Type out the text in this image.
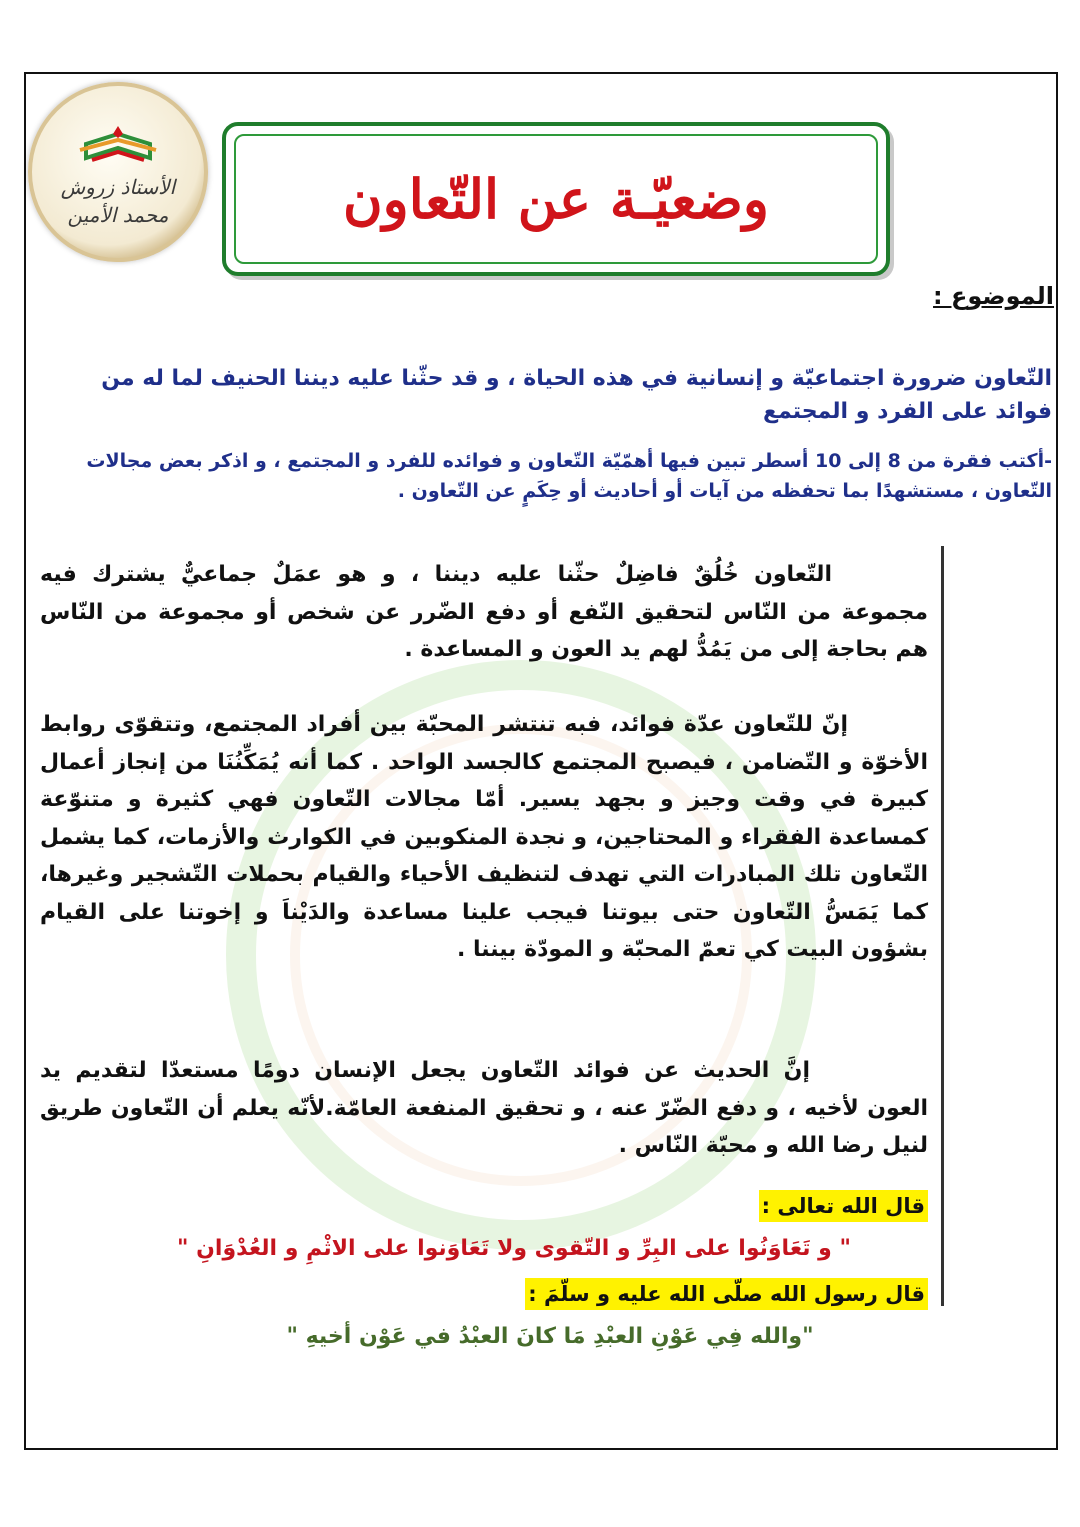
الأستاذ زروش
محمد الأمين	وضعيّـة عن التّعاون
الموضوع :
التّعاون ضرورة اجتماعيّة و إنسانية في هذه الحياة ، و قد حثّنا عليه ديننا الحنيف لما له من فوائد على الفرد و المجتمع
-أكتب فقرة من 8 إلى 10 أسطر تبين فيها أهمّيّة التّعاون و فوائده للفرد و المجتمع ، و اذكر بعض مجالات التّعاون ، مستشهدًا بما تحفظه من آيات أو أحاديث أو حِكَمٍ عن التّعاون .
التّعاون خُلُقٌ فاضِلٌ حثّنا عليه ديننا ، و هو عمَلٌ جماعيٌّ يشترك فيه مجموعة من النّاس لتحقيق النّفع أو دفع الضّرر عن شخص أو مجموعة من النّاس هم بحاجة إلى من يَمُدُّ لهم يد العون و المساعدة .
إنّ للتّعاون عدّة فوائد، فبه تنتشر المحبّة بين أفراد المجتمع، وتتقوّى روابط الأخوّة و التّضامن ، فيصبح المجتمع كالجسد الواحد . كما أنه يُمَكِّنُنَا من إنجاز أعمال كبيرة في وقت وجيز و بجهد يسير. أمّا مجالات التّعاون فهي كثيرة و متنوّعة كمساعدة الفقراء و المحتاجين، و نجدة المنكوبين في الكوارث والأزمات، كما يشمل التّعاون تلك المبادرات التي تهدف لتنظيف الأحياء والقيام بحملات التّشجير وغيرها، كما يَمَسُّ التّعاون حتى بيوتنا فيجب علينا مساعدة والدَيْناَ و إخوتنا على القيام بشؤون البيت كي تعمّ المحبّة و المودّة بيننا .
إنَّ الحديث عن فوائد التّعاون يجعل الإنسان دومًا مستعدّا لتقديم يد العون لأخيه ، و دفع الضّرّ عنه ، و تحقيق المنفعة العامّة.لأنّه يعلم أن التّعاون طريق لنيل رضا الله و محبّة النّاس .
قال الله تعالى :
" و تَعَاوَنُوا على البِرِّ و التّقوى ولا تَعَاوَنوا على الاثْمِ و العُدْوَانِ "
قال رسول الله صلّى الله عليه و سلّمَ :
"والله فِي عَوْنِ العبْدِ مَا كانَ العبْدُ في عَوْن أخيهِ "
